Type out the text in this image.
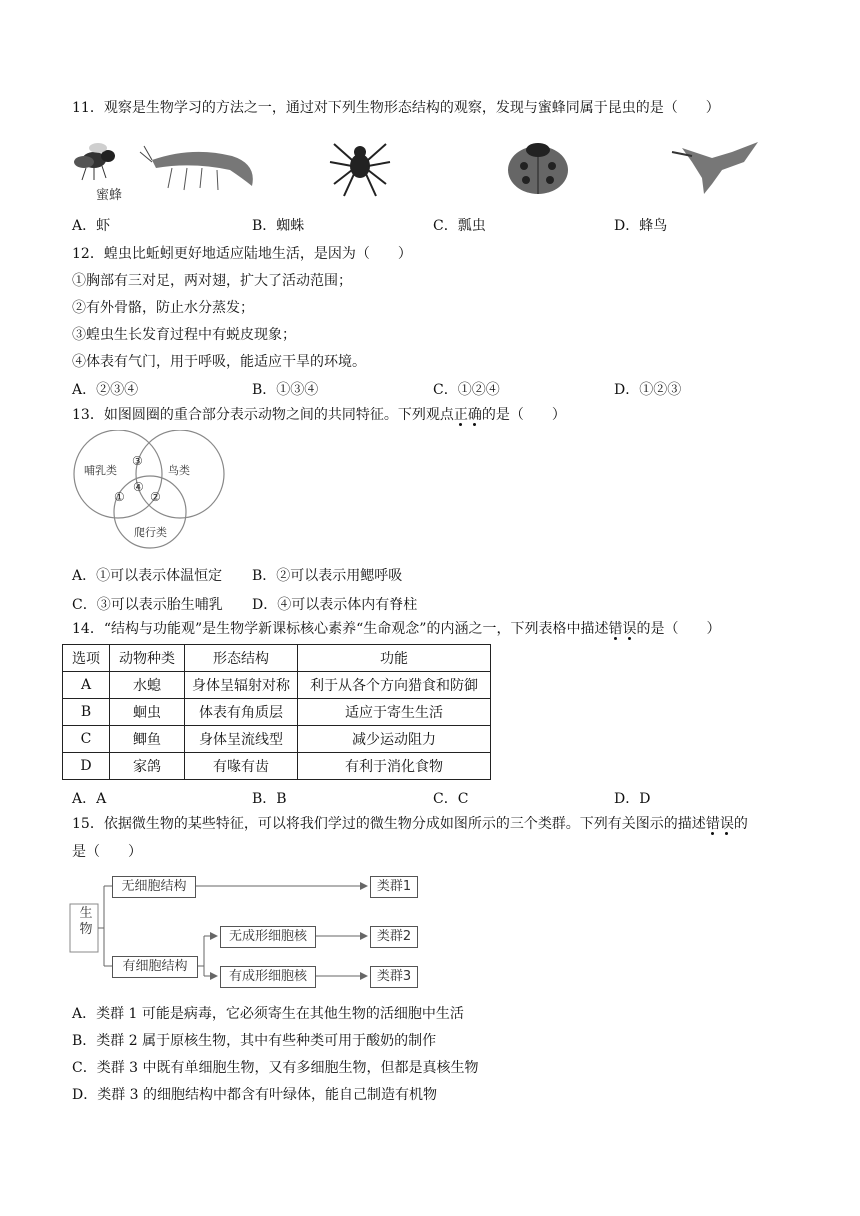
11．观察是生物学习的方法之一，通过对下列生物形态结构的观察，发现与蜜蜂同属于昆虫的是（　　）
蜜蜂
A．虾	B．蜘蛛	C．瓢虫	D．蜂鸟
12．蝗虫比蚯蚓更好地适应陆地生活，是因为（　　）
①胸部有三对足，两对翅，扩大了活动范围；
②有外骨骼，防止水分蒸发；
③蝗虫生长发育过程中有蜕皮现象；
④体表有气门，用于呼吸，能适应干旱的环境。
A．②③④	B．①③④	C．①②④	D．①②③
13．如图圆圈的重合部分表示动物之间的共同特征。下列观点正确的是（　　）
哺乳类	鸟类
爬行类
③
④
① ②
A．①可以表示体温恒定 B．②可以表示用鳃呼吸
C．③可以表示胎生哺乳 D．④可以表示体内有脊柱
14．“结构与功能观”是生物学新课标核心素养“生命观念”的内涵之一，下列表格中描述错误的是（　　）
选项	动物种类	形态结构	功能
A	水螅	身体呈辐射对称	利于从各个方向猎食和防御
B	蛔虫	体表有角质层	适应于寄生生活
C	鲫鱼	身体呈流线型	减少运动阻力
D	家鸽	有喙有齿	有利于消化食物
A．A	B．B	C．C	D．D
15．依据微生物的某些特征，可以将我们学过的微生物分成如图所示的三个类群。下列有关图示的描述错误的
是（　　）
生物
无细胞结构
有细胞结构
无成形细胞核
有成形细胞核
类群1
类群2
类群3
A．类群 1 可能是病毒，它必须寄生在其他生物的活细胞中生活
B．类群 2 属于原核生物，其中有些种类可用于酸奶的制作
C．类群 3 中既有单细胞生物，又有多细胞生物，但都是真核生物
D．类群 3 的细胞结构中都含有叶绿体，能自己制造有机物
